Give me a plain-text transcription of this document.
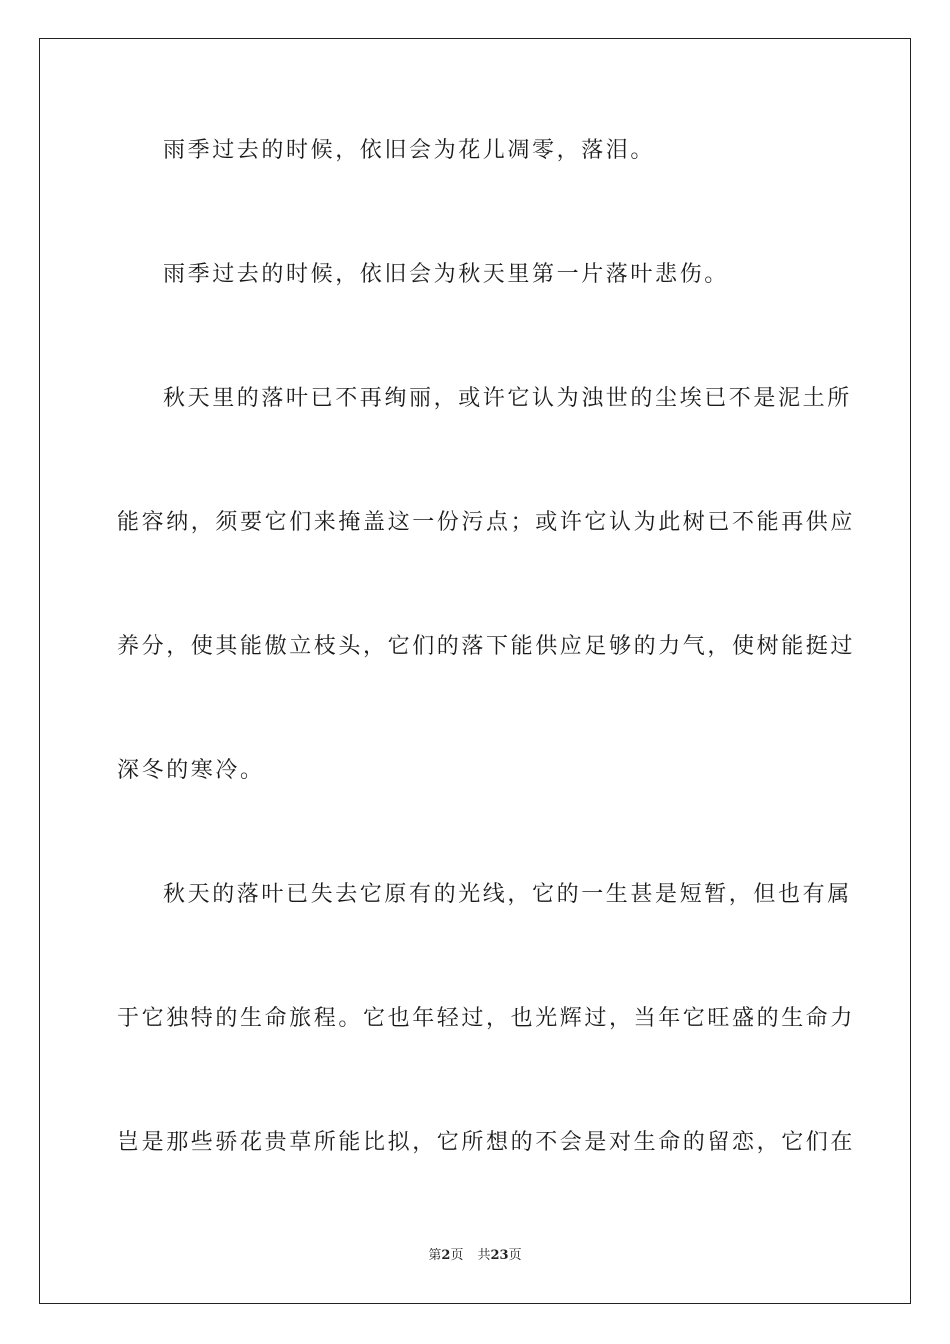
雨季过去的时候，依旧会为花儿凋零，落泪。

雨季过去的时候，依旧会为秋天里第一片落叶悲伤。

秋天里的落叶已不再绚丽，或许它认为浊世的尘埃已不是泥土所

能容纳，须要它们来掩盖这一份污点；或许它认为此树已不能再供应

养分，使其能傲立枝头，它们的落下能供应足够的力气，使树能挺过

深冬的寒冷。

秋天的落叶已失去它原有的光线，它的一生甚是短暂，但也有属

于它独特的生命旅程。它也年轻过，也光辉过，当年它旺盛的生命力

岂是那些骄花贵草所能比拟，它所想的不会是对生命的留恋，它们在

第2页 共23页
